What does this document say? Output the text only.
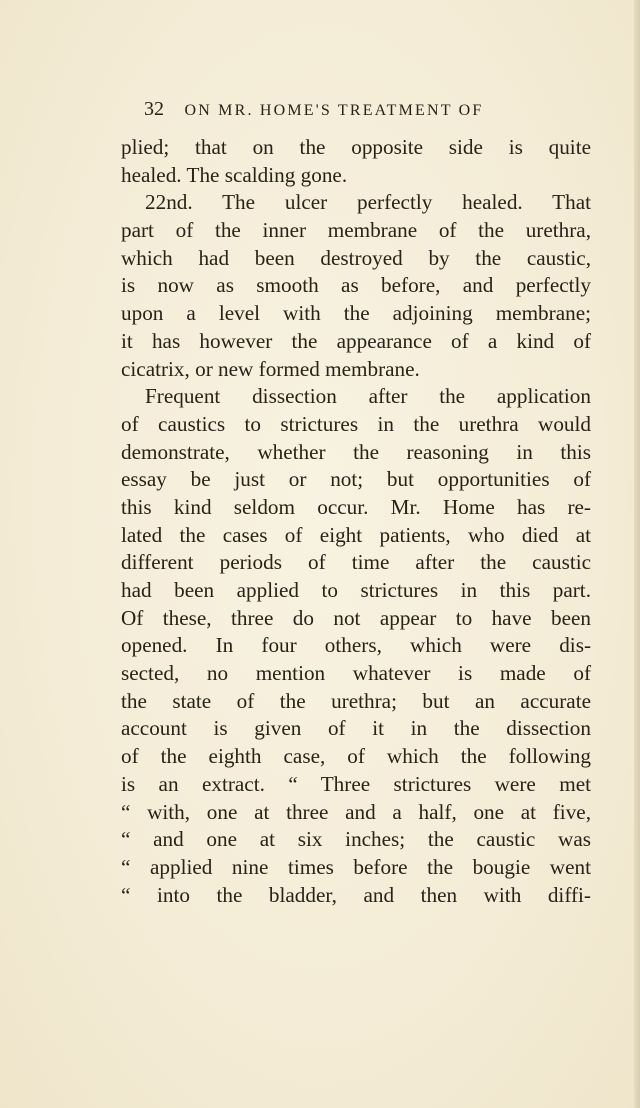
32 ON MR. HOME'S TREATMENT OF
plied; that on the opposite side is quite
healed. The scalding gone.
22nd. The ulcer perfectly healed. That
part of the inner membrane of the urethra,
which had been destroyed by the caustic,
is now as smooth as before, and perfectly
upon a level with the adjoining membrane;
it has however the appearance of a kind of
cicatrix, or new formed membrane.
Frequent dissection after the application
of caustics to strictures in the urethra would
demonstrate, whether the reasoning in this
essay be just or not; but opportunities of
this kind seldom occur. Mr. Home has re-
lated the cases of eight patients, who died at
different periods of time after the caustic
had been applied to strictures in this part.
Of these, three do not appear to have been
opened. In four others, which were dis-
sected, no mention whatever is made of
the state of the urethra; but an accurate
account is given of it in the dissection
of the eighth case, of which the following
is an extract. “ Three strictures were met
“ with, one at three and a half, one at five,
“ and one at six inches; the caustic was
“ applied nine times before the bougie went
“ into the bladder, and then with diffi-
